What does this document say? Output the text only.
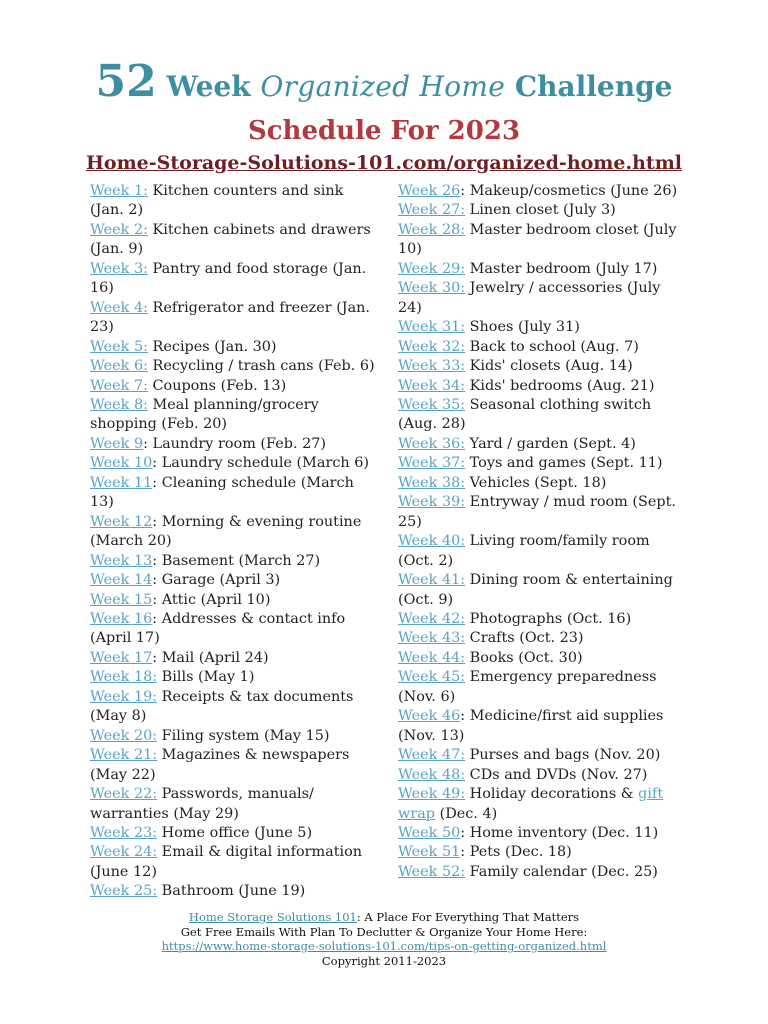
52 Week Organized Home Challenge
Schedule For 2023
Home-Storage-Solutions-101.com/organized-home.html
Week 1: Kitchen counters and sink (Jan. 2)
Week 2: Kitchen cabinets and drawers (Jan. 9)
Week 3: Pantry and food storage (Jan. 16)
Week 4: Refrigerator and freezer (Jan. 23)
Week 5: Recipes (Jan. 30)
Week 6: Recycling / trash cans (Feb. 6)
Week 7: Coupons (Feb. 13)
Week 8: Meal planning/grocery shopping (Feb. 20)
Week 9: Laundry room (Feb. 27)
Week 10: Laundry schedule (March 6)
Week 11: Cleaning schedule (March 13)
Week 12: Morning & evening routine (March 20)
Week 13: Basement (March 27)
Week 14: Garage (April 3)
Week 15: Attic (April 10)
Week 16: Addresses & contact info (April 17)
Week 17: Mail (April 24)
Week 18: Bills (May 1)
Week 19: Receipts & tax documents (May 8)
Week 20: Filing system (May 15)
Week 21: Magazines & newspapers (May 22)
Week 22: Passwords, manuals/ warranties (May 29)
Week 23: Home office (June 5)
Week 24: Email & digital information (June 12)
Week 25: Bathroom (June 19)
Week 26: Makeup/cosmetics (June 26)
Week 27: Linen closet (July 3)
Week 28: Master bedroom closet (July 10)
Week 29: Master bedroom (July 17)
Week 30: Jewelry / accessories (July 24)
Week 31: Shoes (July 31)
Week 32: Back to school (Aug. 7)
Week 33: Kids' closets (Aug. 14)
Week 34: Kids' bedrooms (Aug. 21)
Week 35: Seasonal clothing switch (Aug. 28)
Week 36: Yard / garden (Sept. 4)
Week 37: Toys and games (Sept. 11)
Week 38: Vehicles (Sept. 18)
Week 39: Entryway / mud room (Sept. 25)
Week 40: Living room/family room (Oct. 2)
Week 41: Dining room & entertaining (Oct. 9)
Week 42: Photographs (Oct. 16)
Week 43: Crafts (Oct. 23)
Week 44: Books (Oct. 30)
Week 45: Emergency preparedness (Nov. 6)
Week 46: Medicine/first aid supplies (Nov. 13)
Week 47: Purses and bags (Nov. 20)
Week 48: CDs and DVDs (Nov. 27)
Week 49: Holiday decorations & gift wrap (Dec. 4)
Week 50: Home inventory (Dec. 11)
Week 51: Pets (Dec. 18)
Week 52: Family calendar (Dec. 25)
Home Storage Solutions 101: A Place For Everything That Matters
Get Free Emails With Plan To Declutter & Organize Your Home Here:
https://www.home-storage-solutions-101.com/tips-on-getting-organized.html
Copyright 2011-2023
